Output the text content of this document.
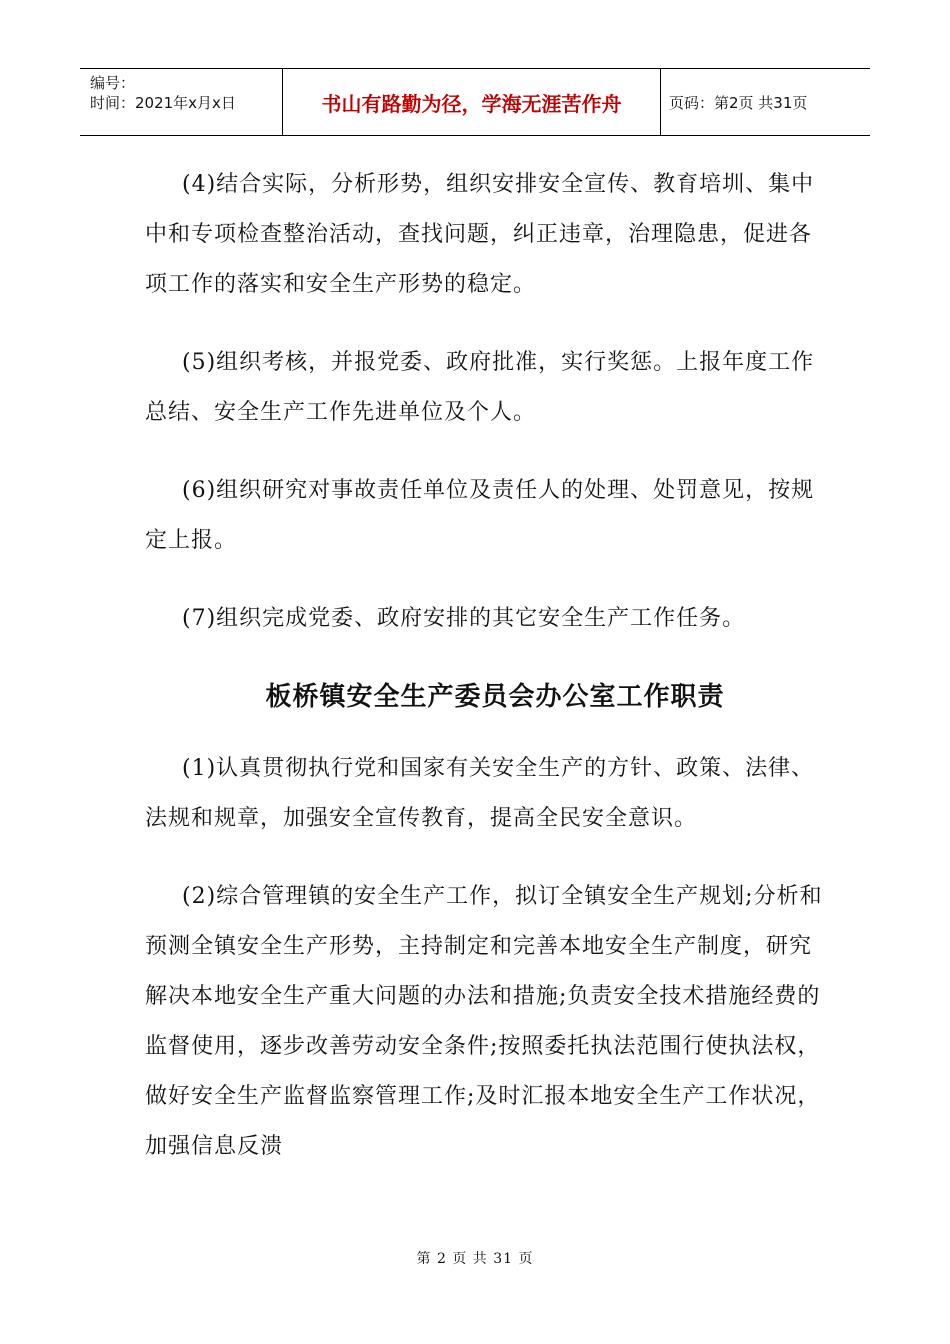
编号：
时间：2021年x月x日	书山有路勤为径，学海无涯苦作舟	页码：第2页 共31页

(4)结合实际，分析形势，组织安排安全宣传、教育培圳、集中中和专项检查整治活动，查找问题，纠正违章，治理隐患，促进各项工作的落实和安全生产形势的稳定。

(5)组织考核，并报党委、政府批准，实行奖惩。上报年度工作总结、安全生产工作先进单位及个人。

(6)组织研究对事故责任单位及责任人的处理、处罚意见，按规定上报。

(7)组织完成党委、政府安排的其它安全生产工作任务。

板桥镇安全生产委员会办公室工作职责

(1)认真贯彻执行党和国家有关安全生产的方针、政策、法律、法规和规章，加强安全宣传教育，提高全民安全意识。

(2)综合管理镇的安全生产工作，拟订全镇安全生产规划;分析和预测全镇安全生产形势，主持制定和完善本地安全生产制度，研究解决本地安全生产重大问题的办法和措施;负责安全技术措施经费的监督使用，逐步改善劳动安全条件;按照委托执法范围行使执法权，做好安全生产监督监察管理工作;及时汇报本地安全生产工作状况，加强信息反溃

第 2 页 共 31 页
